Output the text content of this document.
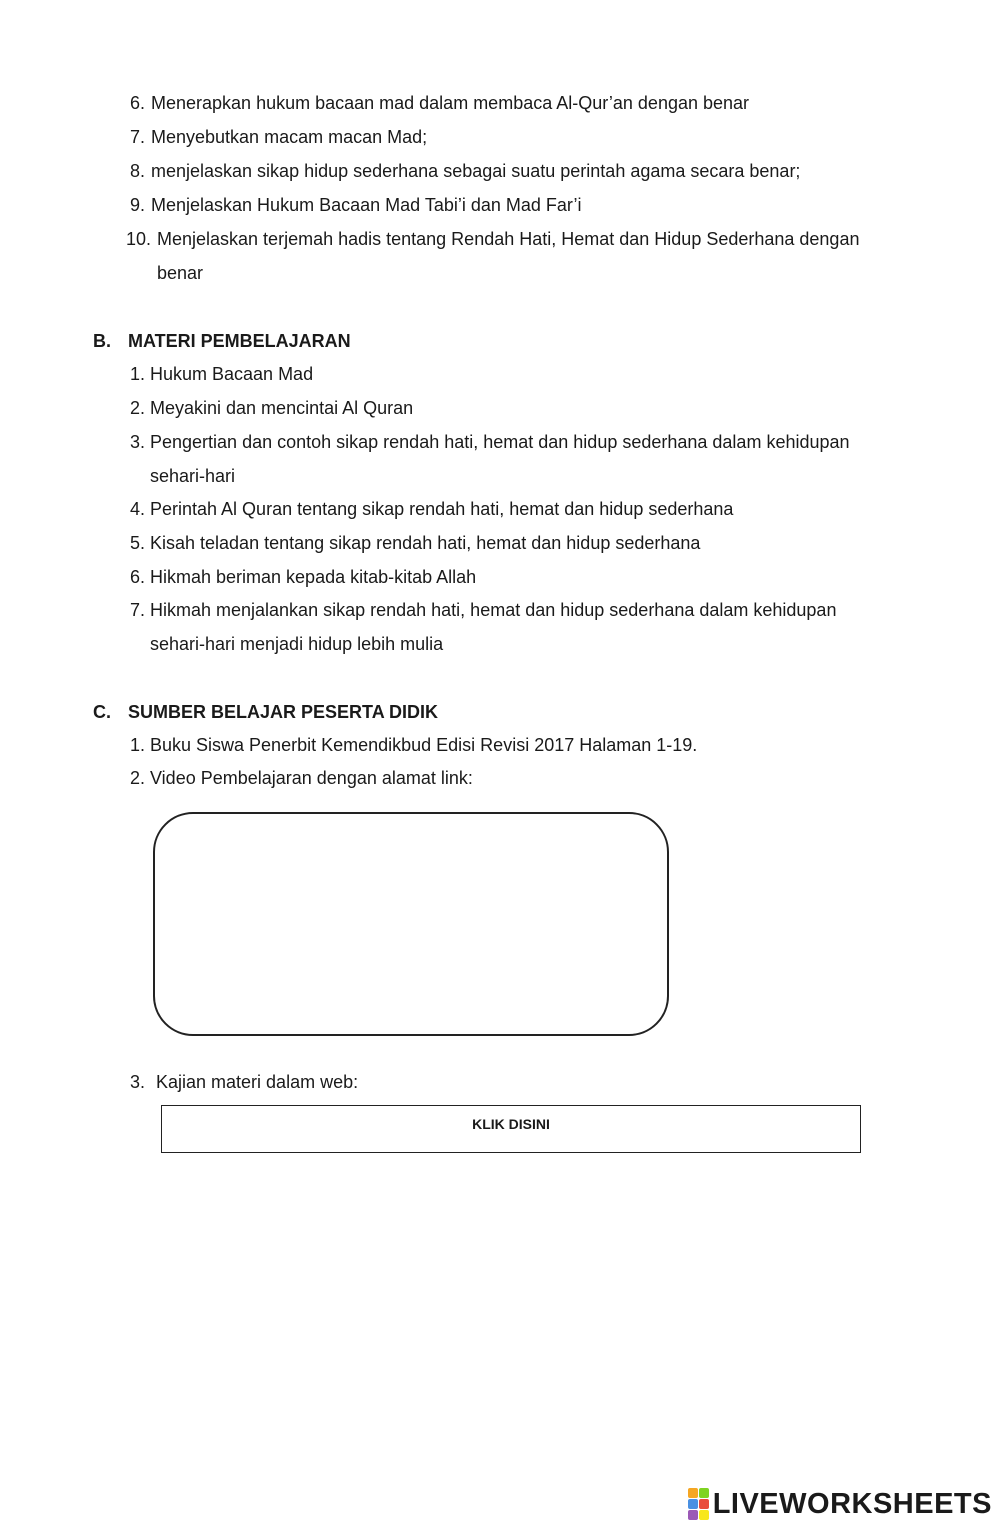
6. Menerapkan hukum bacaan mad dalam membaca Al-Qur’an dengan benar
7. Menyebutkan macam macan Mad;
8. menjelaskan sikap hidup sederhana sebagai suatu perintah agama secara benar;
9. Menjelaskan Hukum Bacaan Mad Tabi’i dan Mad Far’i
10. Menjelaskan terjemah hadis tentang Rendah Hati, Hemat dan Hidup Sederhana dengan
benar
B. MATERI PEMBELAJARAN
1. Hukum Bacaan Mad
2. Meyakini dan mencintai Al Quran
3. Pengertian dan contoh sikap rendah hati, hemat dan hidup sederhana dalam kehidupan
sehari-hari
4. Perintah Al Quran tentang sikap rendah hati, hemat dan hidup sederhana
5. Kisah teladan tentang sikap rendah hati, hemat dan hidup sederhana
6. Hikmah beriman kepada kitab-kitab Allah
7. Hikmah menjalankan sikap rendah hati, hemat dan hidup sederhana dalam kehidupan
sehari-hari menjadi hidup lebih mulia
C. SUMBER BELAJAR PESERTA DIDIK
1. Buku Siswa Penerbit Kemendikbud Edisi Revisi 2017 Halaman 1-19.
2. Video Pembelajaran dengan alamat link:
3. Kajian materi dalam web:
KLIK DISINI
LIVEWORKSHEETS
